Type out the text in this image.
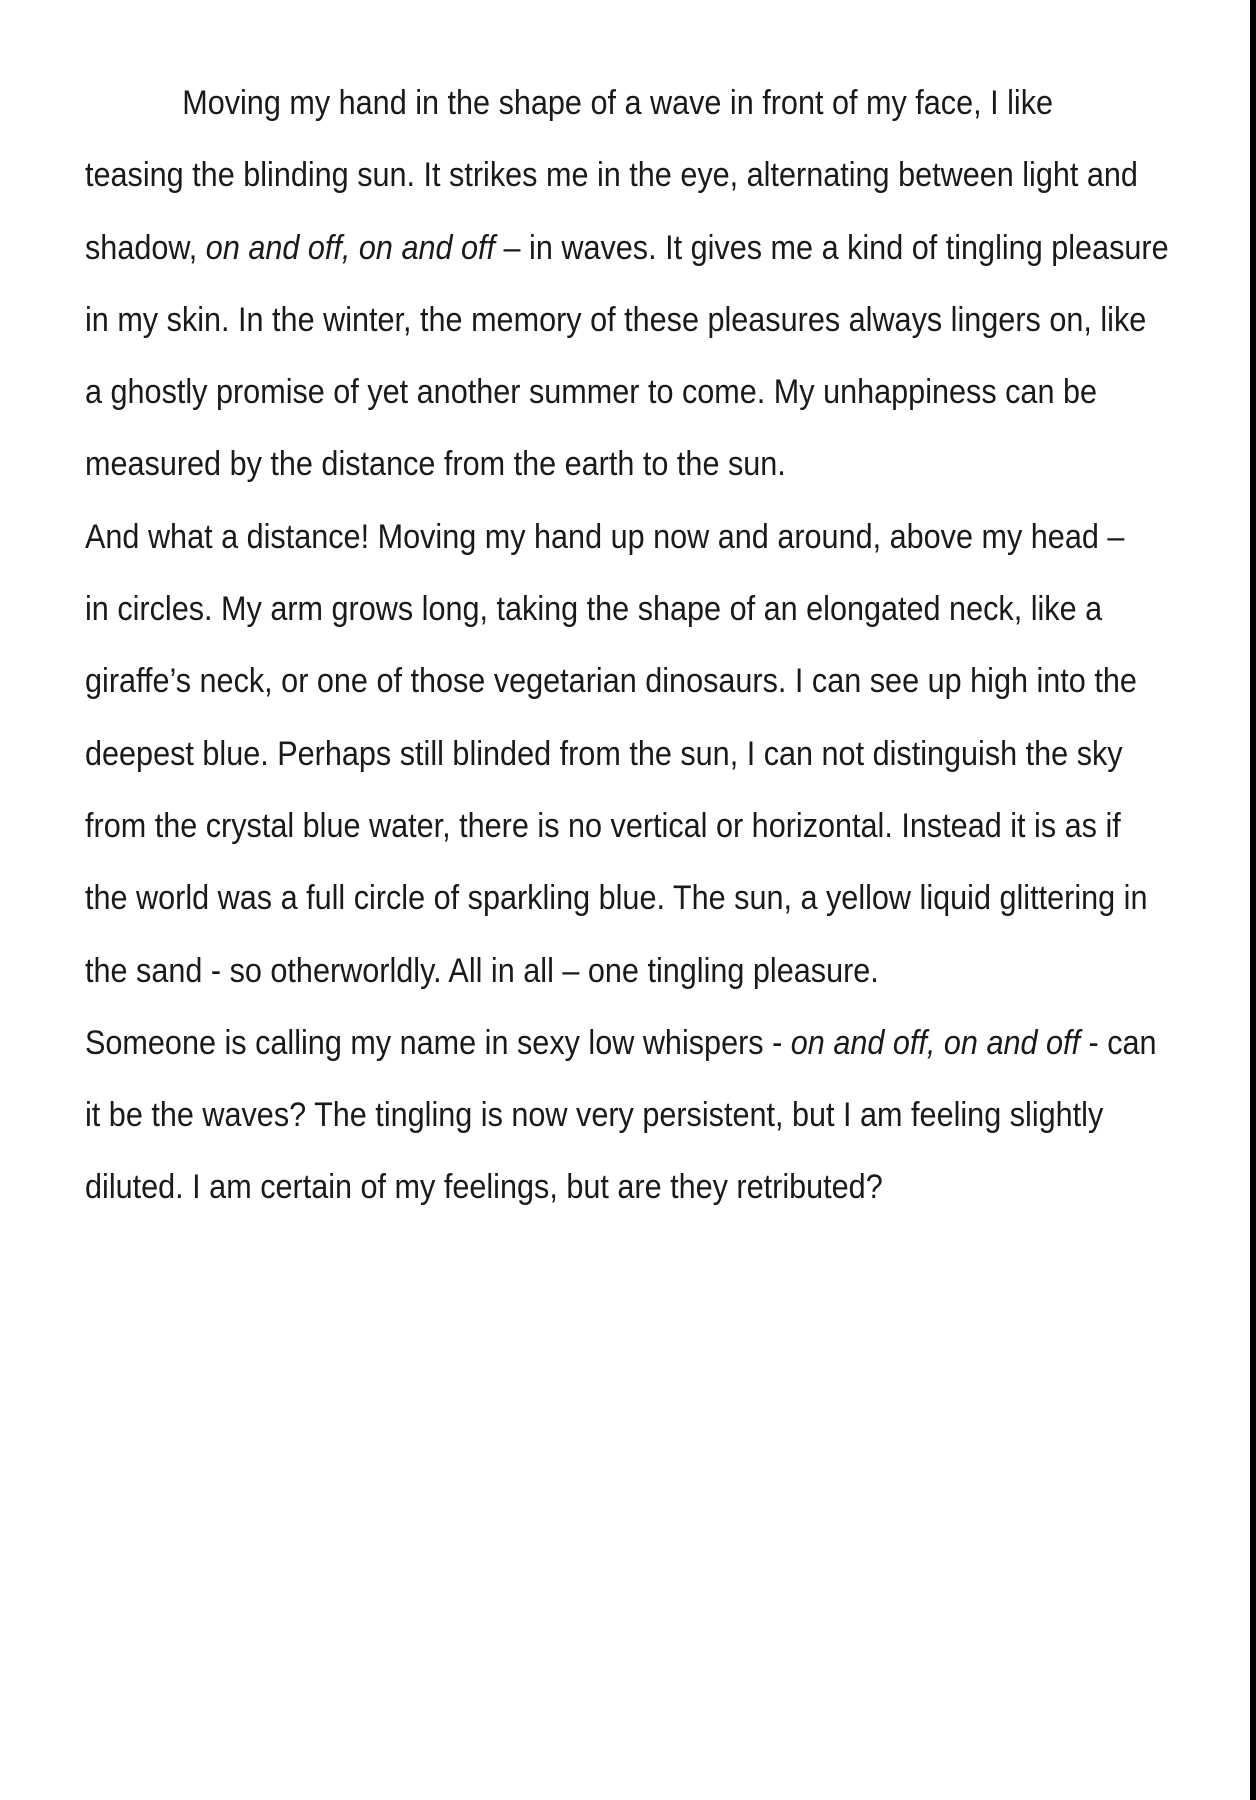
Moving my hand in the shape of a wave in front of my face, I like
teasing the blinding sun. It strikes me in the eye, alternating between light and
shadow, on and off, on and off – in waves. It gives me a kind of tingling pleasure
in my skin. In the winter, the memory of these pleasures always lingers on, like
a ghostly promise of yet another summer to come. My unhappiness can be
measured by the distance from the earth to the sun.
And what a distance! Moving my hand up now and around, above my head –
in circles. My arm grows long, taking the shape of an elongated neck, like a
giraffe’s neck, or one of those vegetarian dinosaurs. I can see up high into the
deepest blue. Perhaps still blinded from the sun, I can not distinguish the sky
from the crystal blue water, there is no vertical or horizontal. Instead it is as if
the world was a full circle of sparkling blue. The sun, a yellow liquid glittering in
the sand - so otherworldly. All in all – one tingling pleasure.
Someone is calling my name in sexy low whispers - on and off, on and off - can
it be the waves? The tingling is now very persistent, but I am feeling slightly
diluted. I am certain of my feelings, but are they retributed?
